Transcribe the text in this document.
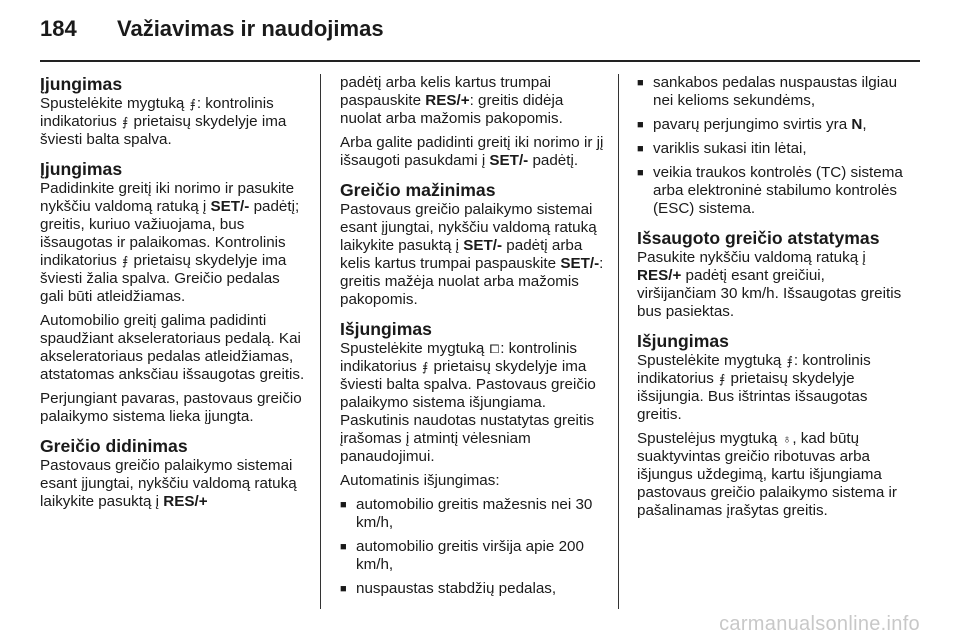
184 Važiavimas ir naudojimas
Įjungimas

Spustelėkite mygtuką ⨎: kontrolinis indikatorius ⨎ prietaisų skydelyje ima šviesti balta spalva.

Įjungimas

Padidinkite greitį iki norimo ir pasukite nykščiu valdomą ratuką į SET/- padėtį; greitis, kuriuo važiuojama, bus išsaugotas ir palaikomas. Kontrolinis indikatorius ⨎ prietaisų skydelyje ima šviesti žalia spalva. Greičio pedalas gali būti atleidžiamas.

Automobilio greitį galima padidinti spaudžiant akseleratoriaus pedalą. Kai akseleratoriaus pedalas atleidžiamas, atstatomas anksčiau išsaugotas greitis.

Perjungiant pavaras, pastovaus greičio palaikymo sistema lieka įjungta.

Greičio didinimas

Pastovaus greičio palaikymo sistemai esant įjungtai, nykščiu valdomą ratuką laikykite pasuktą į RES/+

padėtį arba kelis kartus trumpai paspauskite RES/+: greitis didėja nuolat arba mažomis pakopomis.

Arba galite padidinti greitį iki norimo ir jį išsaugoti pasukdami į SET/- padėtį.

Greičio mažinimas

Pastovaus greičio palaikymo sistemai esant įjungtai, nykščiu valdomą ratuką laikykite pasuktą į SET/- padėtį arba kelis kartus trumpai paspauskite SET/-: greitis mažėja nuolat arba mažomis pakopomis.

Išjungimas

Spustelėkite mygtuką ⧠: kontrolinis indikatorius ⨎ prietaisų skydelyje ima šviesti balta spalva. Pastovaus greičio palaikymo sistema išjungiama. Paskutinis naudotas nustatytas greitis įrašomas į atmintį vėlesniam panaudojimui.

Automatinis išjungimas:

■
automobilio greitis mažesnis nei 30 km/h,
■
automobilio greitis viršija apie 200 km/h,
■
nuspaustas stabdžių pedalas,
■
sankabos pedalas nuspaustas ilgiau nei kelioms sekundėms,
■
pavarų perjungimo svirtis yra N,
■
variklis sukasi itin lėtai,
■
veikia traukos kontrolės (TC) sistema arba elektroninė stabilumo kontrolės (ESC) sistema.
Išsaugoto greičio atstatymas

Pasukite nykščiu valdomą ratuką į RES/+ padėtį esant greičiui, viršijančiam 30 km/h. Išsaugotas greitis bus pasiektas.

Išjungimas

Spustelėkite mygtuką ⨎: kontrolinis indikatorius ⨎ prietaisų skydelyje išsijungia. Bus ištrintas išsaugotas greitis.

Spustelėjus mygtuką ♁, kad būtų suaktyvintas greičio ribotuvas arba išjungus uždegimą, kartu išjungiama pastovaus greičio palaikymo sistema ir pašalinamas įrašytas greitis.

carmanualsonline.info
